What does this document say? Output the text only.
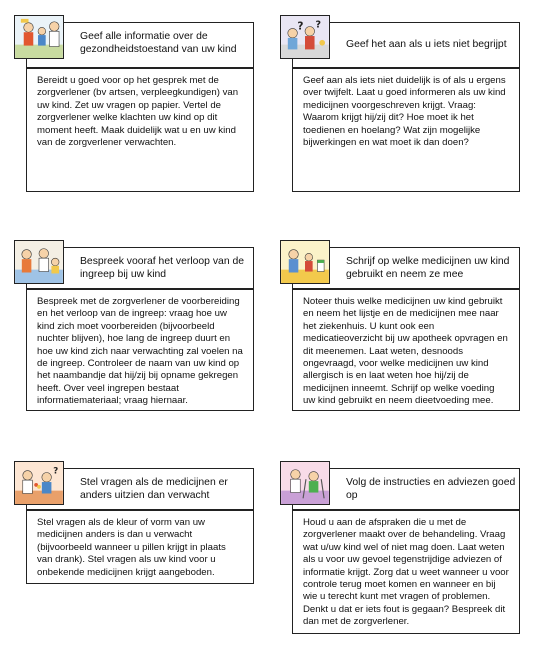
Geef alle informatie over de gezondheidstoestand van uw kind
Bereidt u goed voor op het gesprek met de zorgverlener (bv artsen, verpleegkundigen) van uw kind. Zet uw vragen op papier. Vertel de zorgverlener welke klachten uw kind op dit moment heeft. Maak duidelijk wat u en uw kind van de zorgverlener verwachten.
? ?
Geef het aan als u iets niet begrijpt
Geef aan als iets niet duidelijk is of als u ergens over twijfelt. Laat u goed informeren als uw kind medicijnen voorgeschreven krijgt. Vraag: Waarom krijgt hij/zij dit? Hoe moet ik het toedienen en hoelang? Wat zijn mogelijke bijwerkingen en wat moet ik dan doen?
Bespreek vooraf het verloop van de ingreep bij uw kind
Bespreek met de zorgverlener de voorbereiding en het verloop van de ingreep: vraag hoe uw kind zich moet voorbereiden (bijvoorbeeld nuchter blijven), hoe lang de ingreep duurt en hoe uw kind zich naar verwachting zal voelen na de ingreep. Controleer de naam van uw kind op het naambandje dat hij/zij bij opname gekregen heeft. Over veel ingrepen bestaat informatiemateriaal; vraag hiernaar.
Schrijf op welke medicijnen uw kind gebruikt en neem ze mee
Noteer thuis welke medicijnen uw kind gebruikt en neem het lijstje en de medicijnen mee naar het ziekenhuis. U kunt ook een medicatieoverzicht bij uw apotheek opvragen en dit meenemen. Laat weten, desnoods ongevraagd, voor welke medicijnen uw kind allergisch is en laat weten hoe hij/zij de medicijnen inneemt. Schrijf op welke voeding uw kind gebruikt en neem dieetvoeding mee.
?
Stel vragen als de medicijnen er anders uitzien dan verwacht
Stel vragen als de kleur of vorm van uw medicijnen anders is dan u verwacht (bijvoorbeeld wanneer u pillen krijgt in plaats van drank). Stel vragen als uw kind voor u onbekende medicijnen krijgt aangeboden.
Volg de instructies en adviezen goed op
Houd u aan de afspraken die u met de zorgverlener maakt over de behandeling. Vraag wat u/uw kind wel of niet mag doen. Laat weten als u voor uw gevoel tegenstrijdige adviezen of informatie krijgt. Zorg dat u weet wanneer u voor controle terug moet komen en wanneer en bij wie u terecht kunt met vragen of problemen. Denkt u dat er iets fout is gegaan? Bespreek dit dan met de zorgverlener.
